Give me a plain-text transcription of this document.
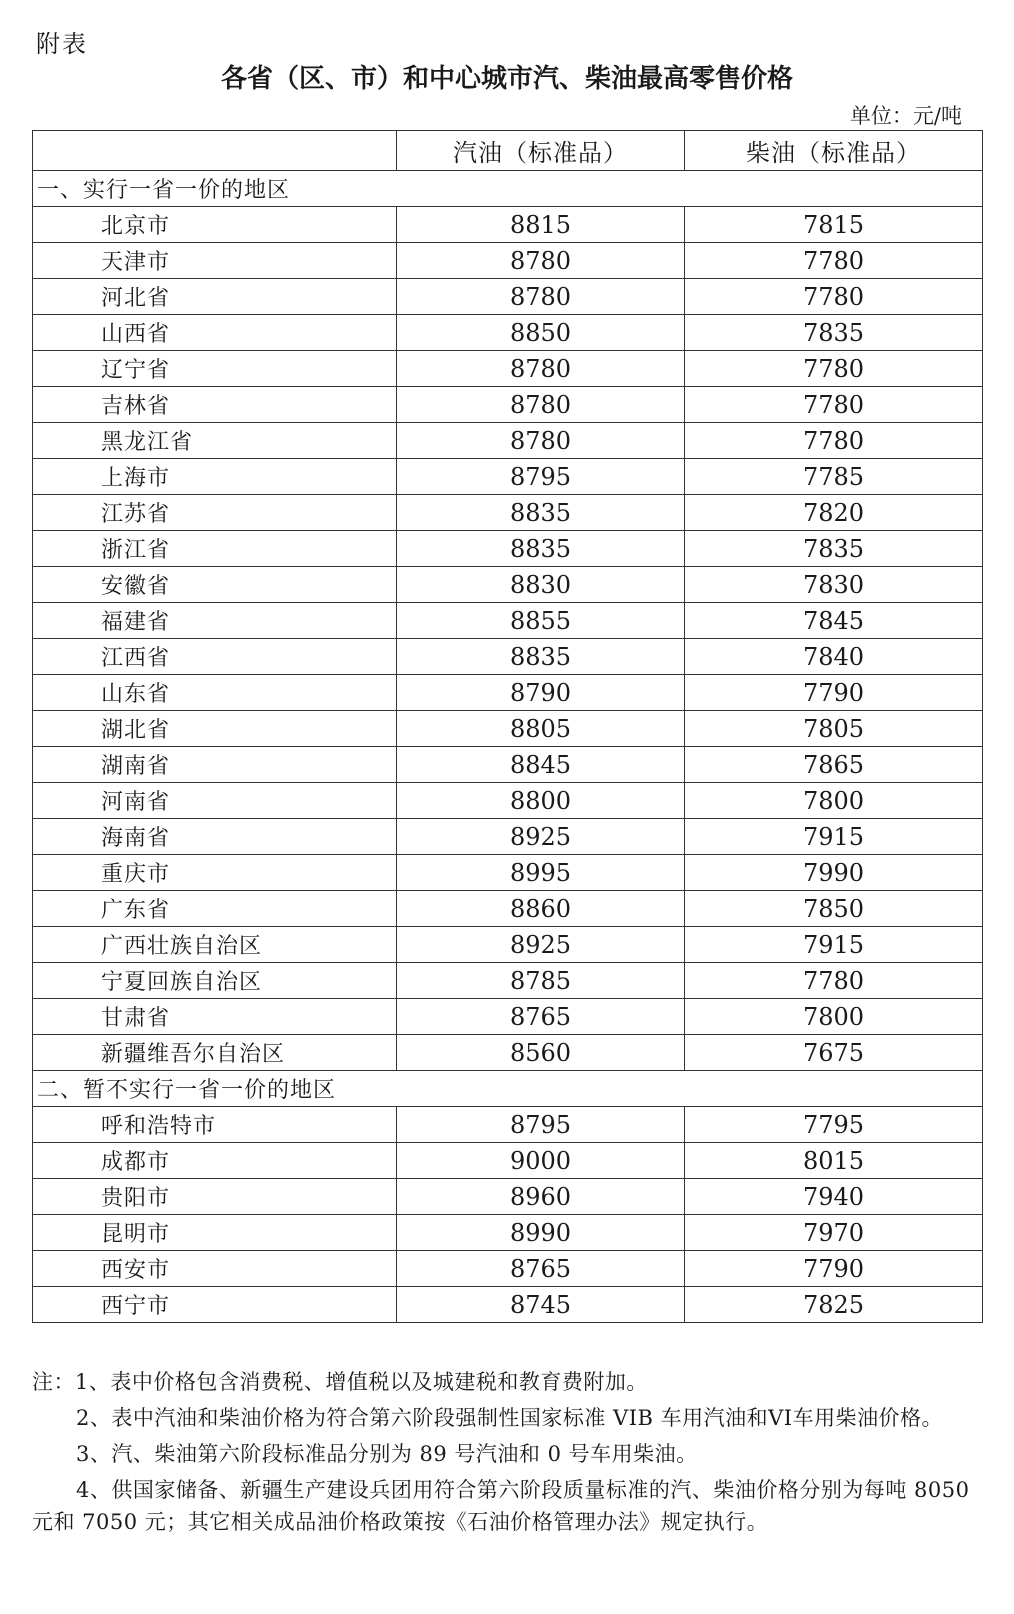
附表
各省（区、市）和中心城市汽、柴油最高零售价格
单位：元/吨
	汽油（标准品）	柴油（标准品）
一、实行一省一价的地区		
北京市	8815	7815
天津市	8780	7780
河北省	8780	7780
山西省	8850	7835
辽宁省	8780	7780
吉林省	8780	7780
黑龙江省	8780	7780
上海市	8795	7785
江苏省	8835	7820
浙江省	8835	7835
安徽省	8830	7830
福建省	8855	7845
江西省	8835	7840
山东省	8790	7790
湖北省	8805	7805
湖南省	8845	7865
河南省	8800	7800
海南省	8925	7915
重庆市	8995	7990
广东省	8860	7850
广西壮族自治区	8925	7915
宁夏回族自治区	8785	7780
甘肃省	8765	7800
新疆维吾尔自治区	8560	7675
二、暂不实行一省一价的地区		
呼和浩特市	8795	7795
成都市	9000	8015
贵阳市	8960	7940
昆明市	8990	7970
西安市	8765	7790
西宁市	8745	7825

注：1、表中价格包含消费税、增值税以及城建税和教育费附加。

2、表中汽油和柴油价格为符合第六阶段强制性国家标准 VIB 车用汽油和VI车用柴油价格。

3、汽、柴油第六阶段标准品分别为 89 号汽油和 0 号车用柴油。

4、供国家储备、新疆生产建设兵团用符合第六阶段质量标准的汽、柴油价格分别为每吨 8050 元和 7050 元；其它相关成品油价格政策按《石油价格管理办法》规定执行。
